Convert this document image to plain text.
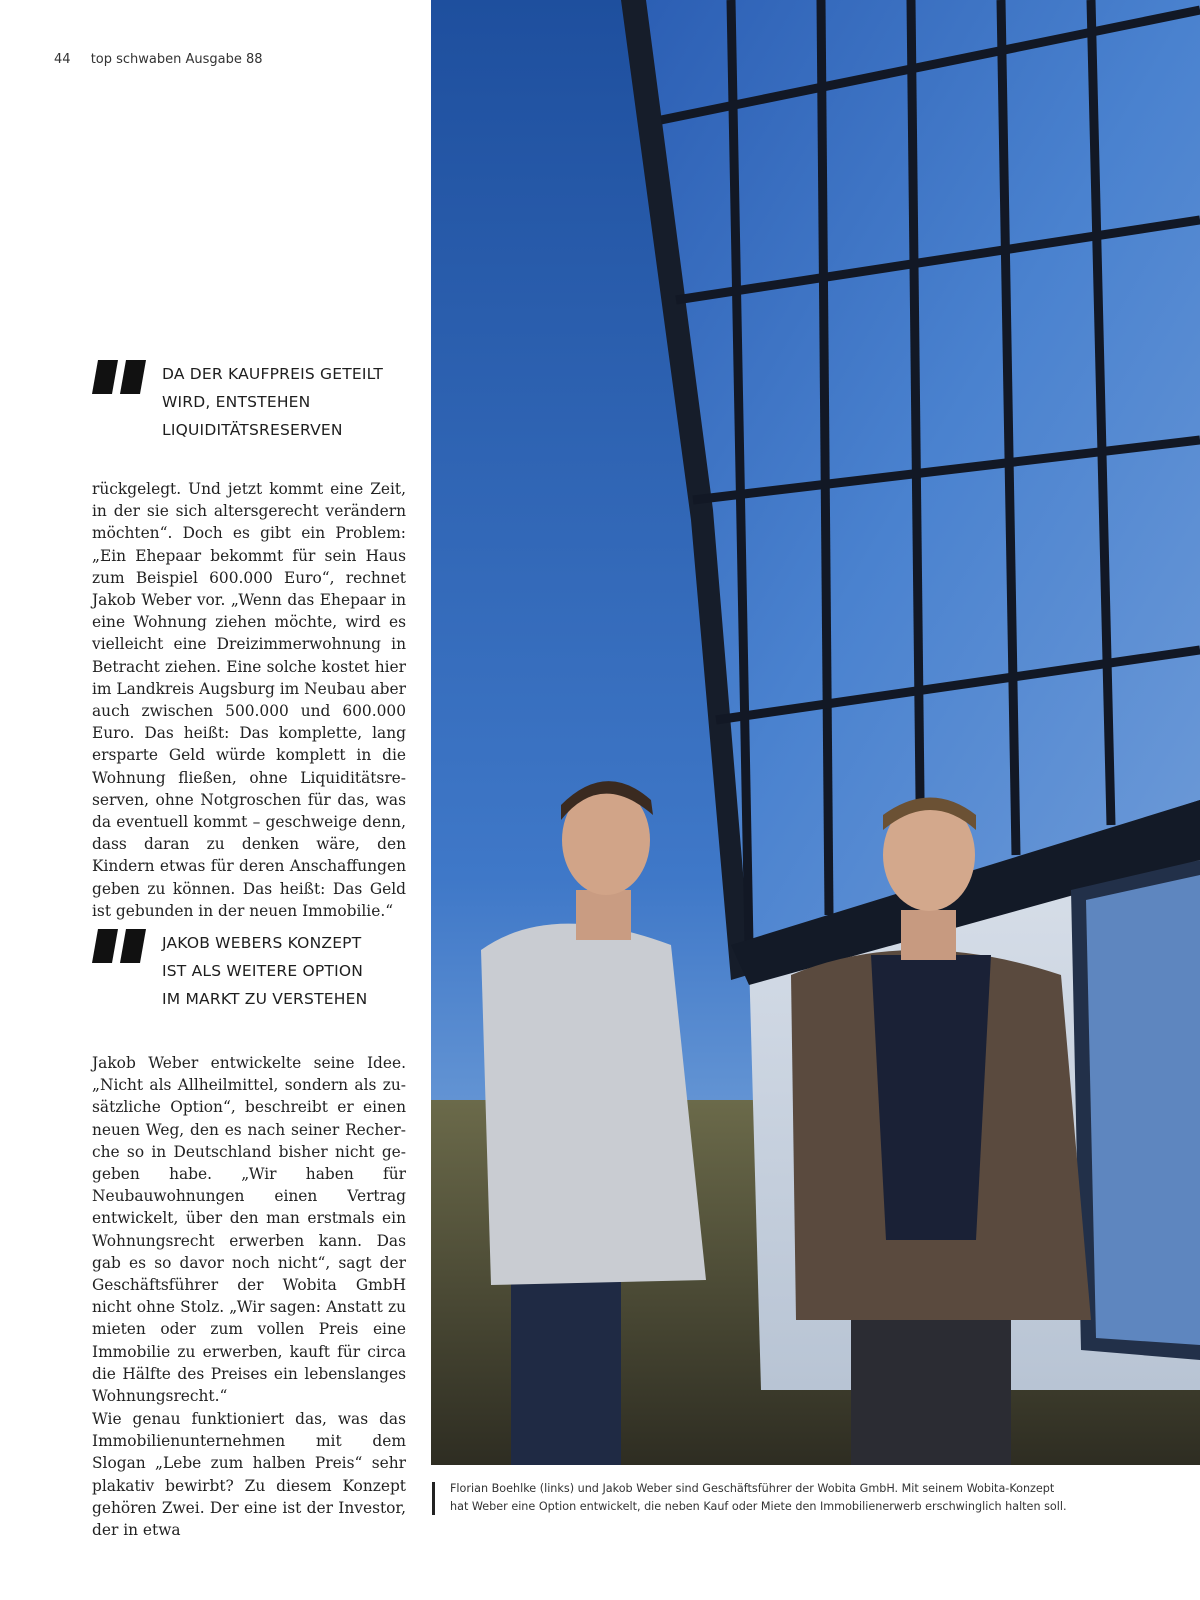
44 top schwaben Ausgabe 88
DA DER KAUFPREIS GETEILT
WIRD, ENTSTEHEN
LIQUIDITÄTSRESERVEN

rückgelegt. Und jetzt kommt eine Zeit, in der sie sich altersgerecht verändern möchten“. Doch es gibt ein Problem: „Ein Ehepaar bekommt für sein Haus zum Beispiel 600.000 Euro“, rechnet Jakob Weber vor. „Wenn das Ehepaar in eine Wohnung ziehen möchte, wird es vielleicht eine Dreizimmerwohnung in Betracht ziehen. Eine solche kostet hier im Landkreis Augsburg im Neubau aber auch zwischen 500.000 und 600.000 Euro. Das heißt: Das komplette, lang ersparte Geld würde komplett in die Wohnung fließen, ohne Liquiditätsreserven, ohne Notgroschen für das, was da eventuell kommt – geschweige denn, dass daran zu denken wäre, den Kindern etwas für deren Anschaffungen geben zu können. Das heißt: Das Geld ist gebunden in der neuen Immobilie.“

JAKOB WEBERS KONZEPT
IST ALS WEITERE OPTION
IM MARKT ZU VERSTEHEN

Jakob Weber entwickelte seine Idee. „Nicht als Allheilmittel, sondern als zusätzliche Option“, beschreibt er einen neuen Weg, den es nach seiner Recherche so in Deutschland bisher nicht gegeben habe. „Wir haben für Neubauwohnungen einen Vertrag entwickelt, über den man erstmals ein Wohnungsrecht erwerben kann. Das gab es so davor noch nicht“, sagt der Geschäftsführer der Wobita GmbH nicht ohne Stolz. „Wir sagen: Anstatt zu mieten oder zum vollen Preis eine Immobilie zu erwerben, kauft für circa die Hälfte des Preises ein lebenslanges Wohnungsrecht.“

Wie genau funktioniert das, was das Immobilienunternehmen mit dem Slogan „Lebe zum halben Preis“ sehr plakativ bewirbt? Zu diesem Konzept gehören Zwei. Der eine ist der Investor, der in etwa

Florian Boehlke (links) und Jakob Weber sind Geschäftsführer der Wobita GmbH. Mit seinem Wobita-Konzept
hat Weber eine Option entwickelt, die neben Kauf oder Miete den Immobilienerwerb erschwinglich halten soll.
